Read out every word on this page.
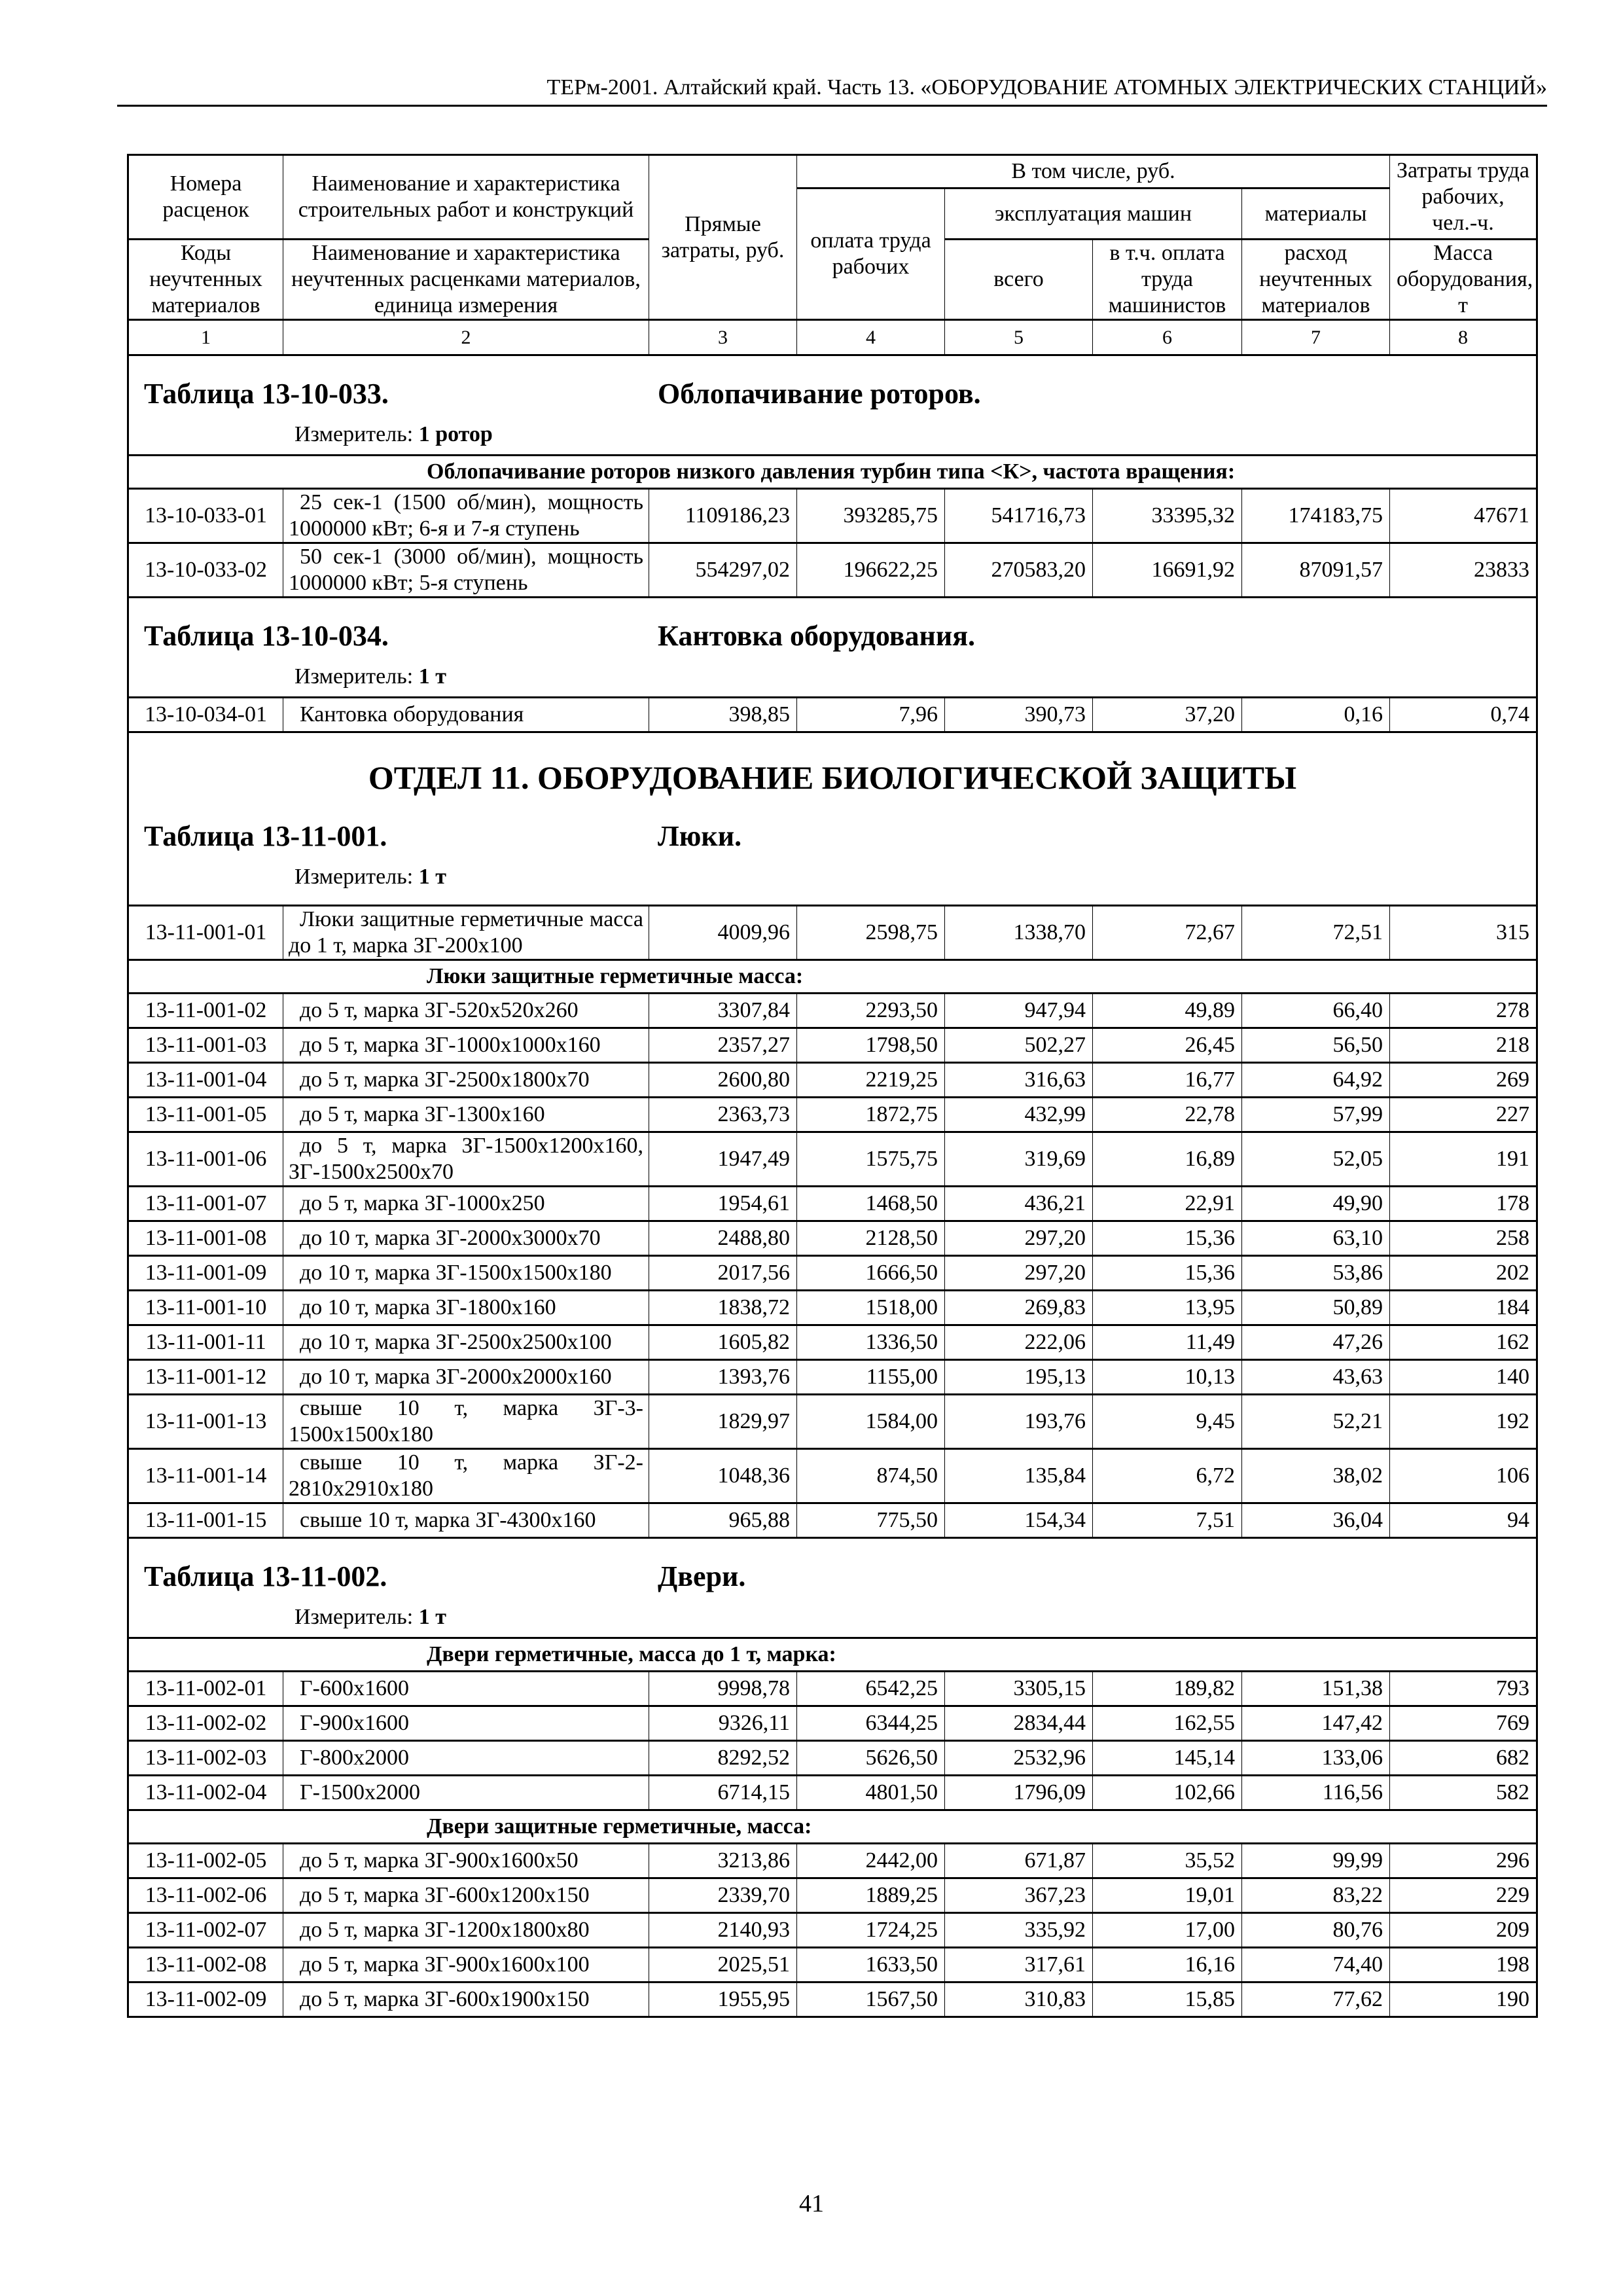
ТЕРм-2001. Алтайский край. Часть 13. «ОБОРУДОВАНИЕ АТОМНЫХ ЭЛЕКТРИЧЕСКИХ СТАНЦИЙ»
Номера расценок	Наименование и характеристика строительных работ и конструкций	Прямые затраты, руб.	В том числе, руб.				Затраты труда рабочих, чел.-ч.
			оплата труда рабочих	эксплуатация машин		материалы	
Коды неучтенных материалов	Наименование и характеристика неучтенных расценками материалов, единица измерения			всего	в т.ч. оплата труда машинистов	расход неучтенных материалов	Масса оборудования, т
1	2	3	4	5	6	7	8

Таблица 13-10-033. Облопачивание роторов.
Измеритель: 1 ротор							

Облопачивание роторов низкого давления турбин типа <К>, частота вращения:							
13-10-033-01	25 сек-1 (1500 об/мин), мощность 1000000 кВт; 6-я и 7-я ступень	1109186,23	393285,75	541716,73	33395,32	174183,75	47671
13-10-033-02	50 сек-1 (3000 об/мин), мощность 1000000 кВт; 5-я ступень	554297,02	196622,25	270583,20	16691,92	87091,57	23833

Таблица 13-10-034. Кантовка оборудования.
Измеритель: 1 т							

13-10-034-01	Кантовка оборудования	398,85	7,96	390,73	37,20	0,16	0,74

ОТДЕЛ 11. ОБОРУДОВАНИЕ БИОЛОГИЧЕСКОЙ ЗАЩИТЫ
Таблица 13-11-001. Люки.
Измеритель: 1 т							

13-11-001-01	Люки защитные герметичные масса до 1 т, марка ЗГ-200х100	4009,96	2598,75	1338,70	72,67	72,51	315
Люки защитные герметичные масса:							
13-11-001-02	до 5 т, марка ЗГ-520х520х260	3307,84	2293,50	947,94	49,89	66,40	278
13-11-001-03	до 5 т, марка ЗГ-1000х1000х160	2357,27	1798,50	502,27	26,45	56,50	218
13-11-001-04	до 5 т, марка ЗГ-2500х1800х70	2600,80	2219,25	316,63	16,77	64,92	269
13-11-001-05	до 5 т, марка ЗГ-1300х160	2363,73	1872,75	432,99	22,78	57,99	227
13-11-001-06	до 5 т, марка ЗГ-1500х1200х160, ЗГ-1500х2500х70	1947,49	1575,75	319,69	16,89	52,05	191
13-11-001-07	до 5 т, марка ЗГ-1000х250	1954,61	1468,50	436,21	22,91	49,90	178
13-11-001-08	до 10 т, марка ЗГ-2000х3000х70	2488,80	2128,50	297,20	15,36	63,10	258
13-11-001-09	до 10 т, марка ЗГ-1500х1500х180	2017,56	1666,50	297,20	15,36	53,86	202
13-11-001-10	до 10 т, марка ЗГ-1800х160	1838,72	1518,00	269,83	13,95	50,89	184
13-11-001-11	до 10 т, марка ЗГ-2500х2500х100	1605,82	1336,50	222,06	11,49	47,26	162
13-11-001-12	до 10 т, марка ЗГ-2000х2000х160	1393,76	1155,00	195,13	10,13	43,63	140
13-11-001-13	свыше 10 т, марка ЗГ-3-1500х1500х180	1829,97	1584,00	193,76	9,45	52,21	192
13-11-001-14	свыше 10 т, марка ЗГ-2-2810х2910х180	1048,36	874,50	135,84	6,72	38,02	106
13-11-001-15	свыше 10 т, марка ЗГ-4300х160	965,88	775,50	154,34	7,51	36,04	94

Таблица 13-11-002. Двери.
Измеритель: 1 т							

Двери герметичные, масса до 1 т, марка:							
13-11-002-01	Г-600х1600	9998,78	6542,25	3305,15	189,82	151,38	793
13-11-002-02	Г-900х1600	9326,11	6344,25	2834,44	162,55	147,42	769
13-11-002-03	Г-800х2000	8292,52	5626,50	2532,96	145,14	133,06	682
13-11-002-04	Г-1500х2000	6714,15	4801,50	1796,09	102,66	116,56	582
Двери защитные герметичные, масса:							
13-11-002-05	до 5 т, марка ЗГ-900х1600х50	3213,86	2442,00	671,87	35,52	99,99	296
13-11-002-06	до 5 т, марка ЗГ-600х1200х150	2339,70	1889,25	367,23	19,01	83,22	229
13-11-002-07	до 5 т, марка ЗГ-1200х1800х80	2140,93	1724,25	335,92	17,00	80,76	209
13-11-002-08	до 5 т, марка ЗГ-900х1600х100	2025,51	1633,50	317,61	16,16	74,40	198
13-11-002-09	до 5 т, марка ЗГ-600х1900х150	1955,95	1567,50	310,83	15,85	77,62	190
41
